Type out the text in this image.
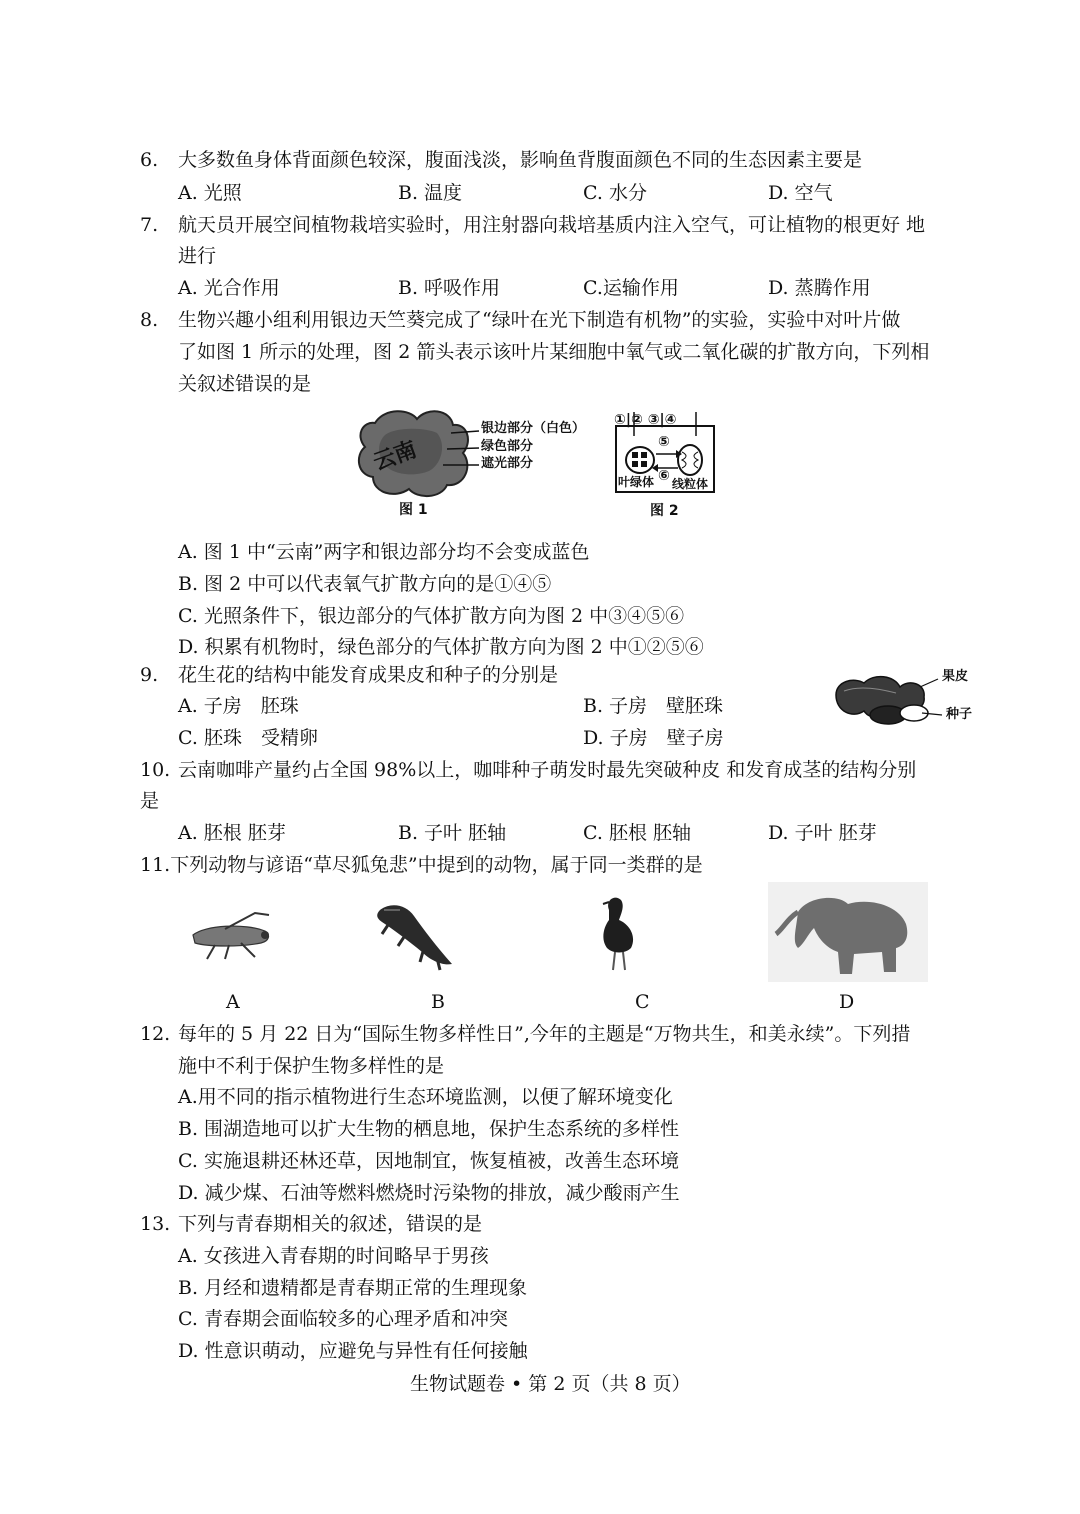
6. 大多数鱼身体背面颜色较深，腹面浅淡，影响鱼背腹面颜色不同的生态因素主要是
A. 光照	B. 温度	C. 水分	D. 空气
7. 航天员开展空间植物栽培实验时，用注射器向栽培基质内注入空气，可让植物的根更好 地
进行
A. 光合作用	B. 呼吸作用	C.运输作用	D. 蒸腾作用
8. 生物兴趣小组利用银边天竺葵完成了“绿叶在光下制造有机物”的实验，实验中对叶片做
了如图 1 所示的处理，图 2 箭头表示该叶片某细胞中氧气或二氧化碳的扩散方向，下列相
关叙述错误的是
云南
银边部分（白色）
绿色部分
遮光部分
图 1
①|② ③|④
⑤
⑥
叶绿体 线粒体
图 2
A. 图 1 中“云南”两字和银边部分均不会变成蓝色
B. 图 2 中可以代表氧气扩散方向的是①④⑤
C. 光照条件下，银边部分的气体扩散方向为图 2 中③④⑤⑥
D. 积累有机物时，绿色部分的气体扩散方向为图 2 中①②⑤⑥
9. 花生花的结构中能发育成果皮和种子的分别是
A. 子房　胚珠	B. 子房　壁胚珠
C. 胚珠　受精卵	D. 子房　壁子房
果皮
种子
10. 云南咖啡产量约占全国 98%以上，咖啡种子萌发时最先突破种皮 和发育成茎的结构分别
是
A. 胚根 胚芽	B. 子叶 胚轴	C. 胚根 胚轴	D. 子叶 胚芽
11.下列动物与谚语“草尽狐兔悲”中提到的动物，属于同一类群的是
A	B	C	D
12. 每年的 5 月 22 日为“国际生物多样性日”,今年的主题是“万物共生，和美永续”。下列措
施中不利于保护生物多样性的是
A.用不同的指示植物进行生态环境监测，以便了解环境变化
B. 围湖造地可以扩大生物的栖息地，保护生态系统的多样性
C. 实施退耕还林还草，因地制宜，恢复植被，改善生态环境
D. 减少煤、石油等燃料燃烧时污染物的排放，减少酸雨产生
13. 下列与青春期相关的叙述，错误的是
A. 女孩进入青春期的时间略早于男孩
B. 月经和遗精都是青春期正常的生理现象
C. 青春期会面临较多的心理矛盾和冲突
D. 性意识萌动，应避免与异性有任何接触
生物试题卷 • 第 2 页（共 8 页）
